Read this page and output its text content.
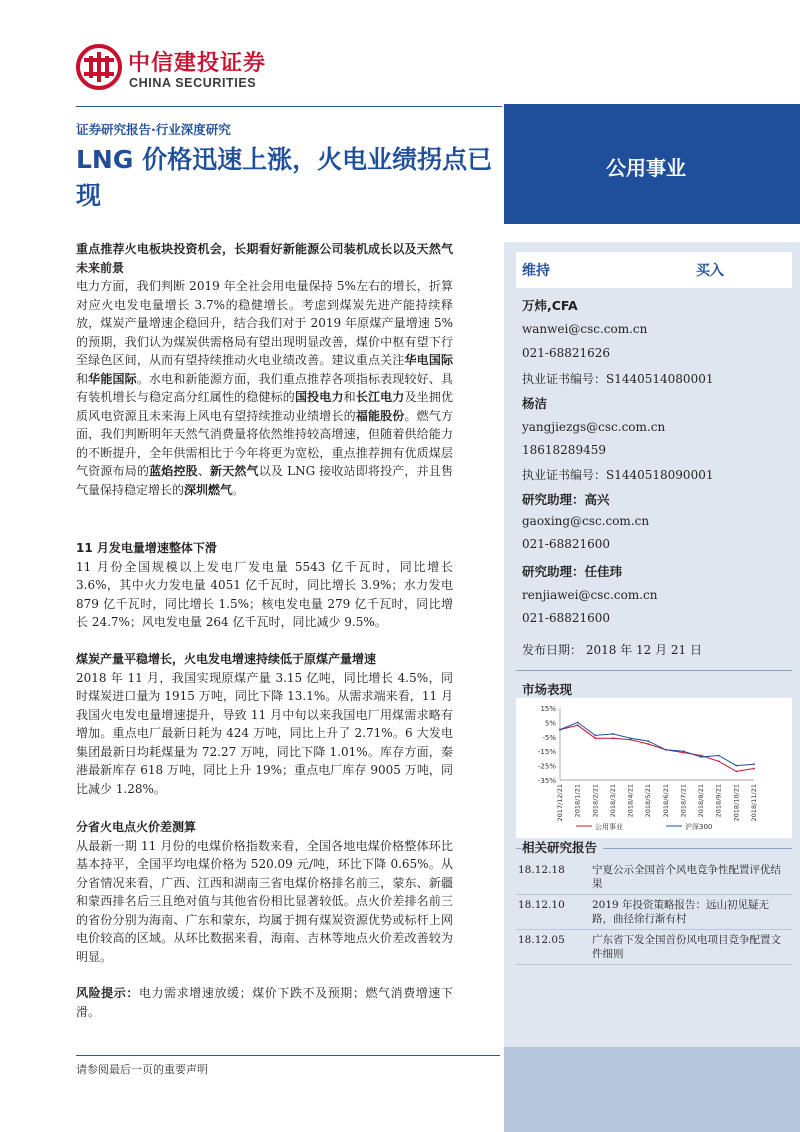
中信建投证券
CHINA SECURITIES
证券研究报告·行业深度研究
LNG 价格迅速上涨，火电业绩拐点已现
公用事业
维持	买入
万炜,CFA
wanwei@csc.com.cn
021-68821626
执业证书编号：S1440514080001
杨洁
yangjiezgs@csc.com.cn
18618289459
执业证书编号：S1440518090001
研究助理：高兴
gaoxing@csc.com.cn
021-68821600
研究助理：任佳玮
renjiawei@csc.com.cn
021-68821600
发布日期： 2018 年 12 月 21 日
市场表现
15%
5%
-5%
-15%
-25%
-35%
2017/12/21 2018/1/21 2018/2/21 2018/3/21 2018/4/21 2018/5/21 2018/6/21 2018/7/21 2018/8/21 2018/9/21 2018/10/21 2018/11/21
公用事业	沪深300
相关研究报告
18.12.18	宁夏公示全国首个风电竞争性配置评优结果
18.12.10	2019 年投资策略报告：远山初见疑无路，曲径徐行渐有村
18.12.05	广东省下发全国首份风电项目竞争配置文件细则

重点推荐火电板块投资机会，长期看好新能源公司装机成长以及天然气未来前景

电力方面，我们判断 2019 年全社会用电量保持 5%左右的增长，折算对应火电发电量增长 3.7%的稳健增长。考虑到煤炭先进产能持续释放，煤炭产量增速企稳回升，结合我们对于 2019 年原煤产量增速 5%的预期，我们认为煤炭供需格局有望出现明显改善，煤价中枢有望下行至绿色区间，从而有望持续推动火电业绩改善。建议重点关注华电国际和华能国际。水电和新能源方面，我们重点推荐各项指标表现较好、具有装机增长与稳定高分红属性的稳健标的国投电力和长江电力及坐拥优质风电资源且未来海上风电有望持续推动业绩增长的福能股份。燃气方面，我们判断明年天然气消费量将依然维持较高增速，但随着供给能力的不断提升，全年供需相比于今年将更为宽松，重点推荐拥有优质煤层气资源布局的蓝焰控股、新天然气以及 LNG 接收站即将投产，并且售气量保持稳定增长的深圳燃气。

11 月发电量增速整体下滑

11 月份全国规模以上发电厂发电量 5543 亿千瓦时，同比增长 3.6%，其中火力发电量 4051 亿千瓦时，同比增长 3.9%；水力发电 879 亿千瓦时，同比增长 1.5%；核电发电量 279 亿千瓦时，同比增长 24.7%；风电发电量 264 亿千瓦时，同比减少 9.5%。

煤炭产量平稳增长，火电发电增速持续低于原煤产量增速

2018 年 11 月，我国实现原煤产量 3.15 亿吨，同比增长 4.5%，同时煤炭进口量为 1915 万吨，同比下降 13.1%。从需求端来看，11 月我国火电发电量增速提升，导致 11 月中旬以来我国电厂用煤需求略有增加。重点电厂最新日耗为 424 万吨，同比上升了 2.71%。6 大发电集团最新日均耗煤量为 72.27 万吨，同比下降 1.01%。库存方面，秦港最新库存 618 万吨，同比上升 19%；重点电厂库存 9005 万吨，同比减少 1.28%。

分省火电点火价差测算

从最新一期 11 月份的电煤价格指数来看，全国各地电煤价格整体环比基本持平，全国平均电煤价格为 520.09 元/吨，环比下降 0.65%。从分省情况来看，广西、江西和湖南三省电煤价格排名前三，蒙东、新疆和蒙西排名后三且绝对值与其他省份相比显著较低。点火价差排名前三的省份分别为海南、广东和蒙东，均属于拥有煤炭资源优势或标杆上网电价较高的区域。从环比数据来看，海南、吉林等地点火价差改善较为明显。

风险提示：电力需求增速放缓；煤价下跌不及预期；燃气消费增速下滑。

请参阅最后一页的重要声明
